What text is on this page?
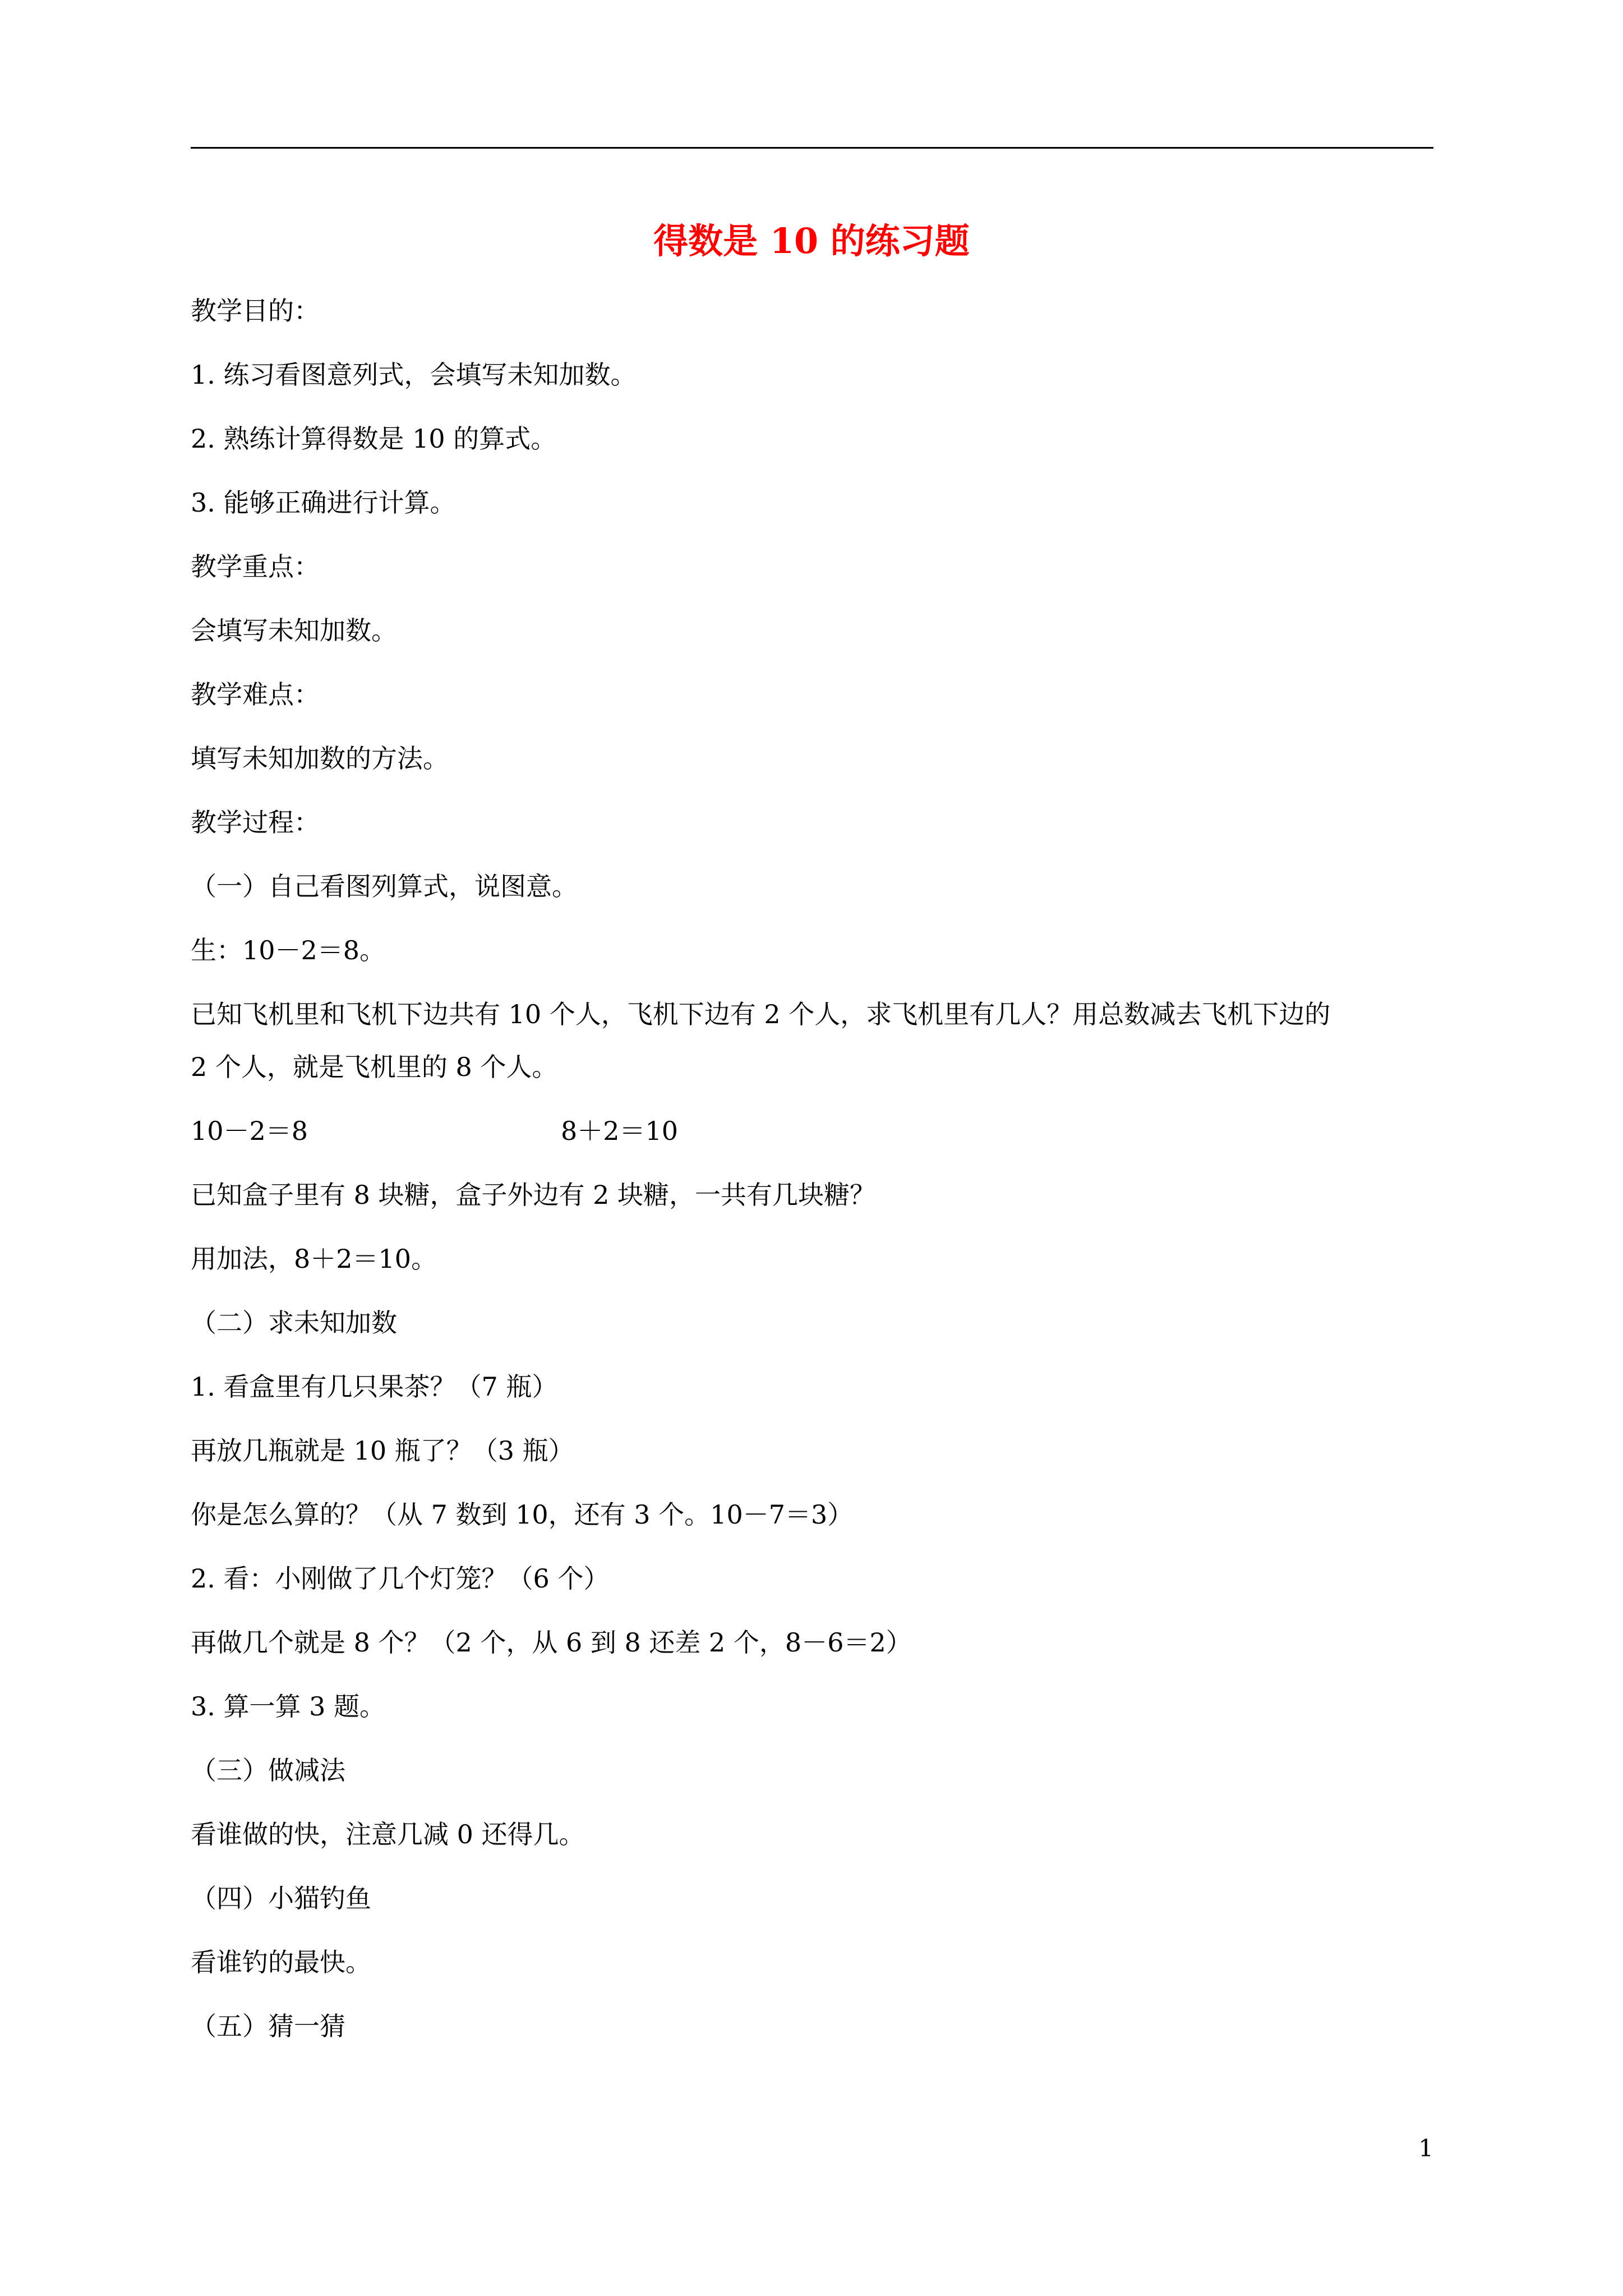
得数是 10 的练习题
教学目的：
1. 练习看图意列式，会填写未知加数。
2. 熟练计算得数是 10 的算式。
3. 能够正确进行计算。
教学重点：
会填写未知加数。
教学难点：
填写未知加数的方法。
教学过程：
（一）自己看图列算式，说图意。
生：10－2＝8。
已知飞机里和飞机下边共有 10 个人，飞机下边有 2 个人，求飞机里有几人？用总数减去飞机下边的
2 个人，就是飞机里的 8 个人。
10－2＝8	8＋2＝10
已知盒子里有 8 块糖，盒子外边有 2 块糖，一共有几块糖？
用加法，8＋2＝10。
（二）求未知加数
1. 看盒里有几只果茶？（7 瓶）
再放几瓶就是 10 瓶了？（3 瓶）
你是怎么算的？（从 7 数到 10，还有 3 个。10－7＝3）
2. 看：小刚做了几个灯笼？（6 个）
再做几个就是 8 个？（2 个，从 6 到 8 还差 2 个，8－6＝2）
3. 算一算 3 题。
（三）做减法
看谁做的快，注意几减 0 还得几。
（四）小猫钓鱼
看谁钓的最快。
（五）猜一猜
1
